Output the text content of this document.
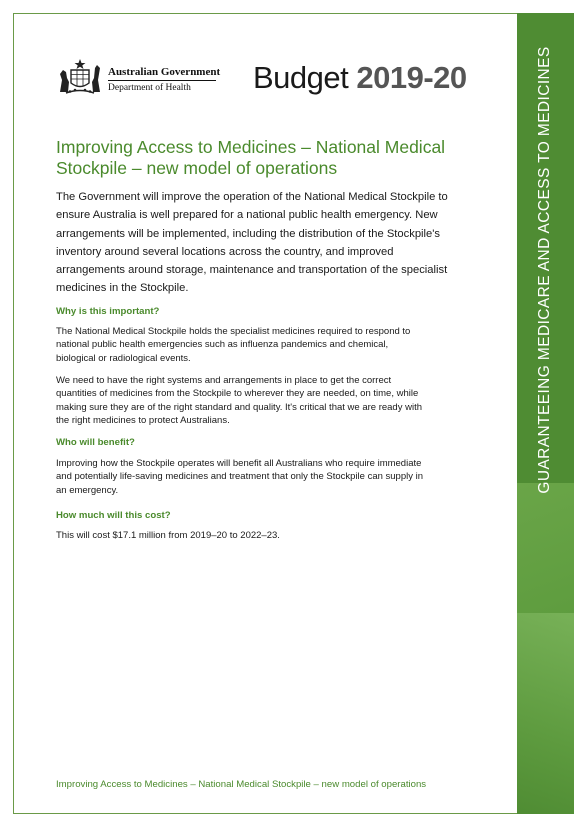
GUARANTEEING MEDICARE AND ACCESS TO MEDICINES
Australian Government
Department of Health Budget 2019-20
Improving Access to Medicines – National Medical
Stockpile – new model of operations
The Government will improve the operation of the National Medical Stockpile to
ensure Australia is well prepared for a national public health emergency. New
arrangements will be implemented, including the distribution of the Stockpile's
inventory around several locations across the country, and improved
arrangements around storage, maintenance and transportation of the specialist
medicines in the Stockpile.
Why is this important?
The National Medical Stockpile holds the specialist medicines required to respond to
national public health emergencies such as influenza pandemics and chemical,
biological or radiological events.
We need to have the right systems and arrangements in place to get the correct
quantities of medicines from the Stockpile to wherever they are needed, on time, while
making sure they are of the right standard and quality. It's critical that we are ready with
the right medicines to protect Australians.
Who will benefit?
Improving how the Stockpile operates will benefit all Australians who require immediate
and potentially life-saving medicines and treatment that only the Stockpile can supply in
an emergency.
How much will this cost?
This will cost $17.1 million from 2019–20 to 2022–23.
Improving Access to Medicines – National Medical Stockpile – new model of operations
